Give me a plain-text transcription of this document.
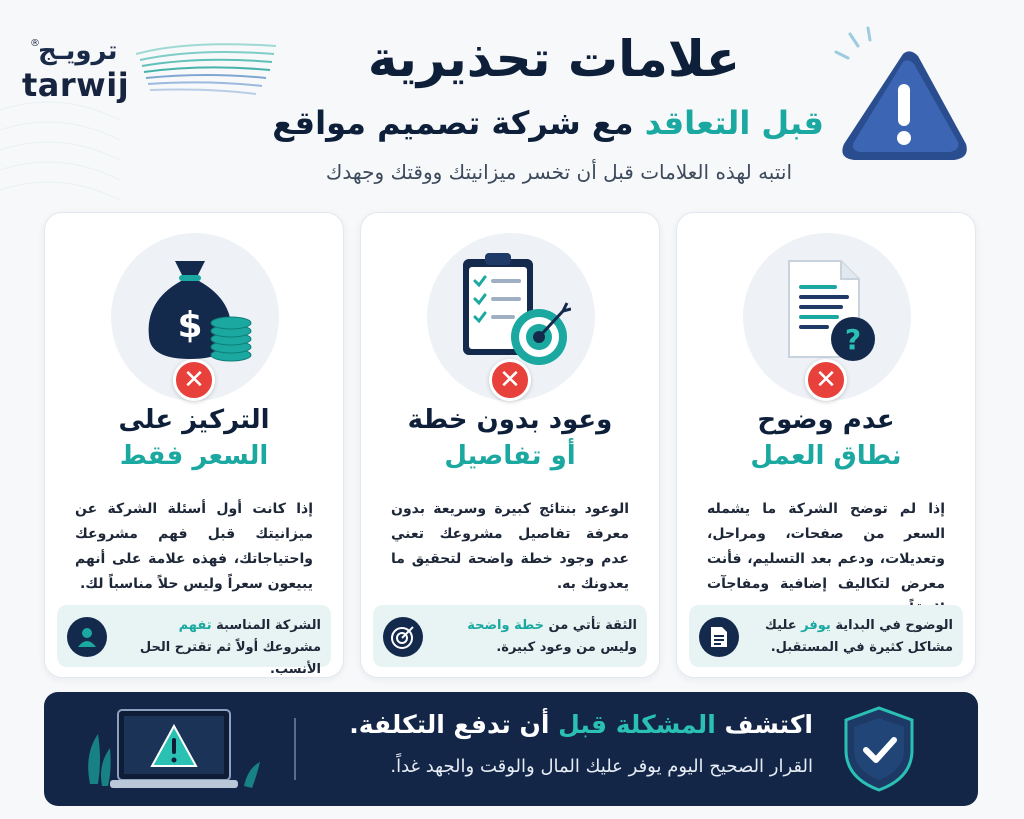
®
ترويـج
tarwij	علامات تحذيرية
قبل التعاقد مع شركة تصميم مواقع
انتبه لهذه العلامات قبل أن تخسر ميزانيتك ووقتك وجهدك
?
✕
عدم وضوح
نطاق العمل
إذا لم توضح الشركة ما يشمله السعر من صفحات، ومراحل، وتعديلات، ودعم بعد التسليم، فأنت معرض لتكاليف إضافية ومفاجآت
الوضوح في البداية يوفر عليك مشاكل كثيرة في المستقبل.
✕
وعود بدون خطة
أو تفاصيل
الوعود بنتائج كبيرة وسريعة بدون معرفة تفاصيل مشروعك تعني عدم وجود خطة واضحة لتحقيق ما يعدونك به.
الثقة تأتي من خطة واضحة وليس من وعود كبيرة.
$
✕
التركيز على
السعر فقط
إذا كانت أول أسئلة الشركة عن ميزانيتك قبل فهم مشروعك واحتياجاتك، فهذه علامة على أنهم يبيعون سعراً وليس حلاً مناسباً لك.
الشركة المناسبة تفهم مشروعك أولاً ثم تقترح الحل الأنسب.
اكتشف المشكلة قبل أن تدفع التكلفة.
القرار الصحيح اليوم يوفر عليك المال والوقت والجهد غداً.
